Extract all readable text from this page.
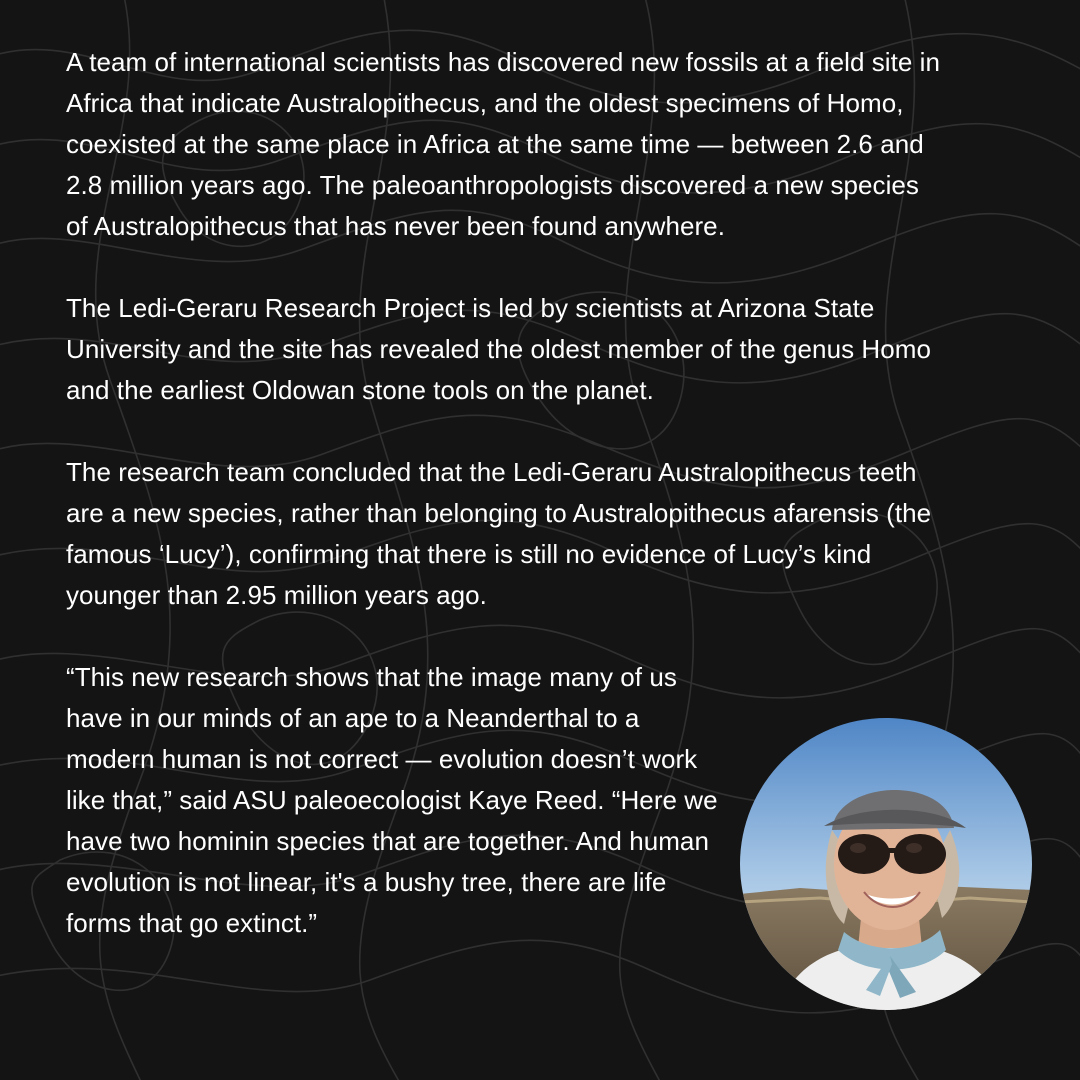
A team of international scientists has discovered new fossils at a field site in Africa that indicate Australopithecus, and the oldest specimens of Homo, coexisted at the same place in Africa at the same time — between 2.6 and 2.8 million years ago. The paleoanthropologists discovered a new species of Australopithecus that has never been found anywhere.

The Ledi-Geraru Research Project is led by scientists at Arizona State University and the site has revealed the oldest member of the genus Homo and the earliest Oldowan stone tools on the planet.

The research team concluded that the Ledi-Geraru Australopithecus teeth are a new species, rather than belonging to Australopithecus afarensis (the famous ‘Lucy’), confirming that there is still no evidence of Lucy’s kind younger than 2.95 million years ago.

“This new research shows that the image many of us have in our minds of an ape to a Neanderthal to a modern human is not correct — evolution doesn’t work like that,” said ASU paleoecologist Kaye Reed. “Here we have two hominin species that are together. And human evolution is not linear, it's a bushy tree, there are life forms that go extinct.”
